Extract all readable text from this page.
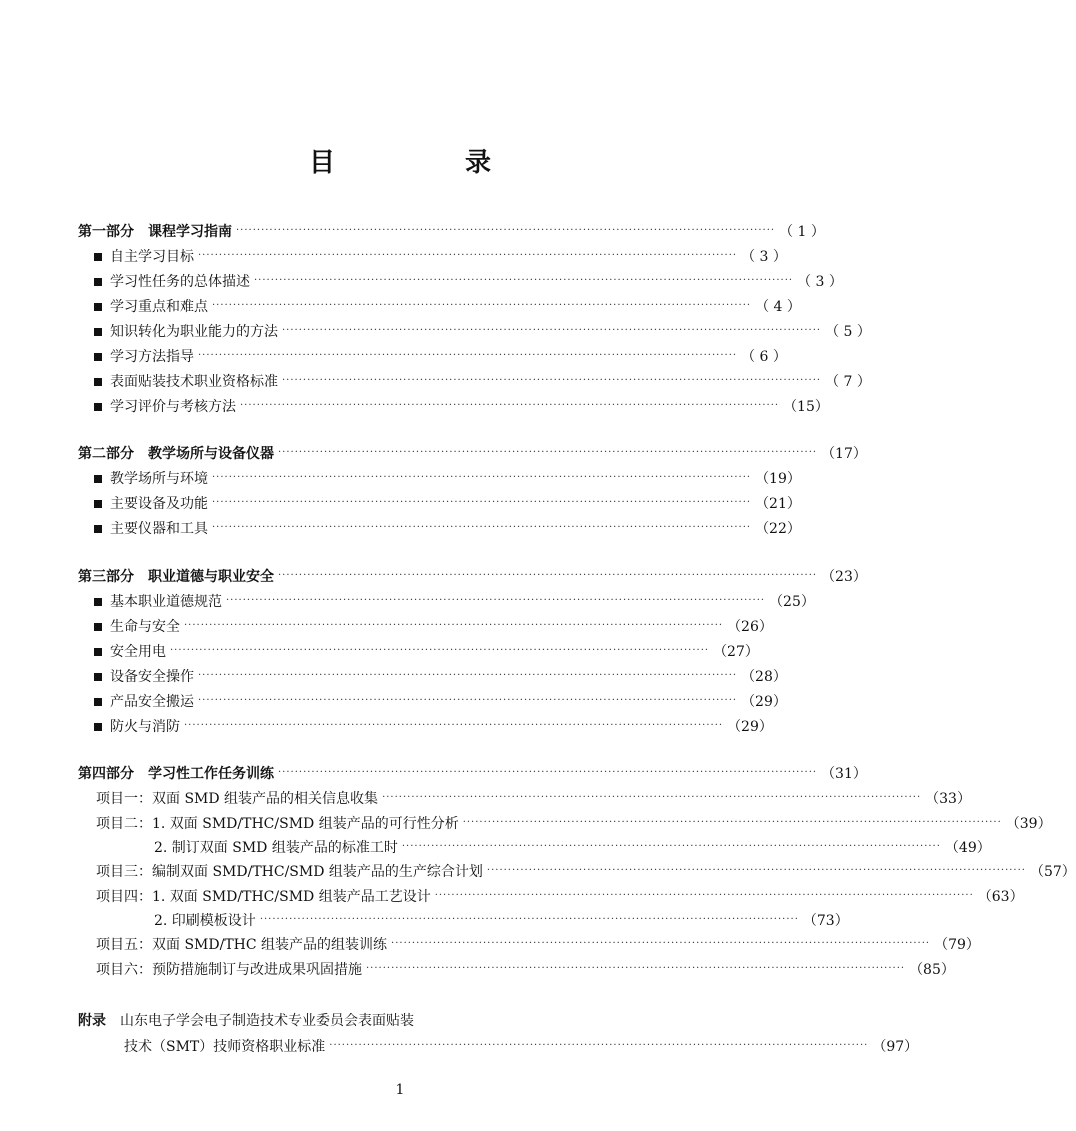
目　录
第一部分　课程学习指南 ································································································································· （ 1 ）
自主学习目标 ································································································································· （ 3 ）
学习性任务的总体描述 ································································································································· （ 3 ）
学习重点和难点 ································································································································· （ 4 ）
知识转化为职业能力的方法 ································································································································· （ 5 ）
学习方法指导 ································································································································· （ 6 ）
表面贴装技术职业资格标准 ································································································································· （ 7 ）
学习评价与考核方法 ································································································································· （15）
第二部分　教学场所与设备仪器 ································································································································· （17）
教学场所与环境 ································································································································· （19）
主要设备及功能 ································································································································· （21）
主要仪器和工具 ································································································································· （22）
第三部分　职业道德与职业安全 ································································································································· （23）
基本职业道德规范 ································································································································· （25）
生命与安全 ································································································································· （26）
安全用电 ································································································································· （27）
设备安全操作 ································································································································· （28）
产品安全搬运 ································································································································· （29）
防火与消防 ································································································································· （29）
第四部分　学习性工作任务训练 ································································································································· （31）
项目一：双面 SMD 组装产品的相关信息收集 ································································································································· （33）
项目二：1. 双面 SMD/THC/SMD 组装产品的可行性分析 ································································································································· （39）
2. 制订双面 SMD 组装产品的标准工时 ································································································································· （49）
项目三：编制双面 SMD/THC/SMD 组装产品的生产综合计划 ································································································································· （57）
项目四：1. 双面 SMD/THC/SMD 组装产品工艺设计 ································································································································· （63）
2. 印刷模板设计 ································································································································· （73）
项目五：双面 SMD/THC 组装产品的组装训练 ································································································································· （79）
项目六：预防措施制订与改进成果巩固措施 ································································································································· （85）
附录 山东电子学会电子制造技术专业委员会表面贴装
技术（SMT）技师资格职业标准 ································································································································· （97）
1
